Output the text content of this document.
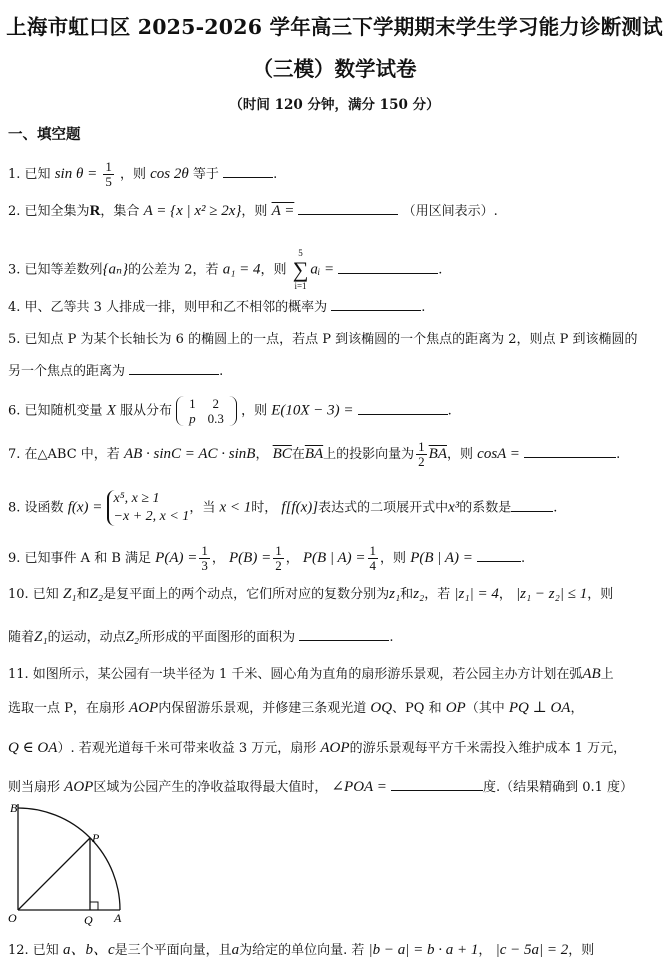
上海市虹口区 2025-2026 学年高三下学期期末学生学习能力诊断测试
（三模）数学试卷
（时间 120 分钟，满分 150 分）
一、填空题
1. 已知 $\sin \theta = \frac{1}{5}$ ，则 cos 2θ 等于	.
2. 已知全集为R，集合 A = {x | x² ≥ 2x}，则 A =	（用区间表示）.
3. 已知等差数列{aₙ}的公差为 2，若 a₁ = 4，则
5
∑
i=1
aᵢ =	.
4. 甲、乙等共 3 人排成一排，则甲和乙不相邻的概率为	.
5. 已知点 P 为某个长轴长为 6 的椭圆上的一点，若点 P 到该椭圆的一个焦点的距离为 2，则点 P 到该椭圆的
另一个焦点的距离为	.
6. 已知随机变量 X 服从分布 1	2
p	0.3 ，则 E(10X − 3) =	.
7. 在△ABC 中，若 AB · sinC = AC · sinB， $\overline{BC}$在$\overline{BA}$上的投影向量为 $\frac{1}{2} \overline{BA}$，则 cosA =	.
8. 设函数 f(x) =
x⁵, x ≥ 1
−x + 2, x < 1
，当 x < 1时， f[f(x)]表达式的二项展开式中x³的系数是	.
9. 已知事件 A 和 B 满足 $P(A) = \frac{1}{3}$ ， $P(B) = \frac{1}{2}$ ， P(B | $A) = \frac{1}{4}$ ，则 P(B | A) =	.
10. 已知 Z₁和Z₂是复平面上的两个动点，它们所对应的复数分别为z₁和z₂，若 |z₁| = 4， |z₁ − z₂| ≤ 1，则
随着Z₁的运动，动点Z₂所形成的平面图形的面积为	.
11. 如图所示，某公园有一块半径为 1 千米、圆心角为直角的扇形游乐景观，若公园主办方计划在弧AB上
选取一点 P，在扇形 AOP内保留游乐景观，并修建三条观光道 OQ、PQ 和 OP（其中 PQ ⊥ OA，
Q ∈ OA）. 若观光道每千米可带来收益 3 万元，扇形 AOP的游乐景观每平方千米需投入维护成本 1 万元，
则当扇形 AOP区域为公园产生的净收益取得最大值时， ∠POA =	度.（结果精确到 0.1 度）
B
P
O	Q A
12. 已知 a、b、c是三个平面向量，且a为给定的单位向量. 若 |b − a| = b · a + 1， |c − 5a| = 2，则
